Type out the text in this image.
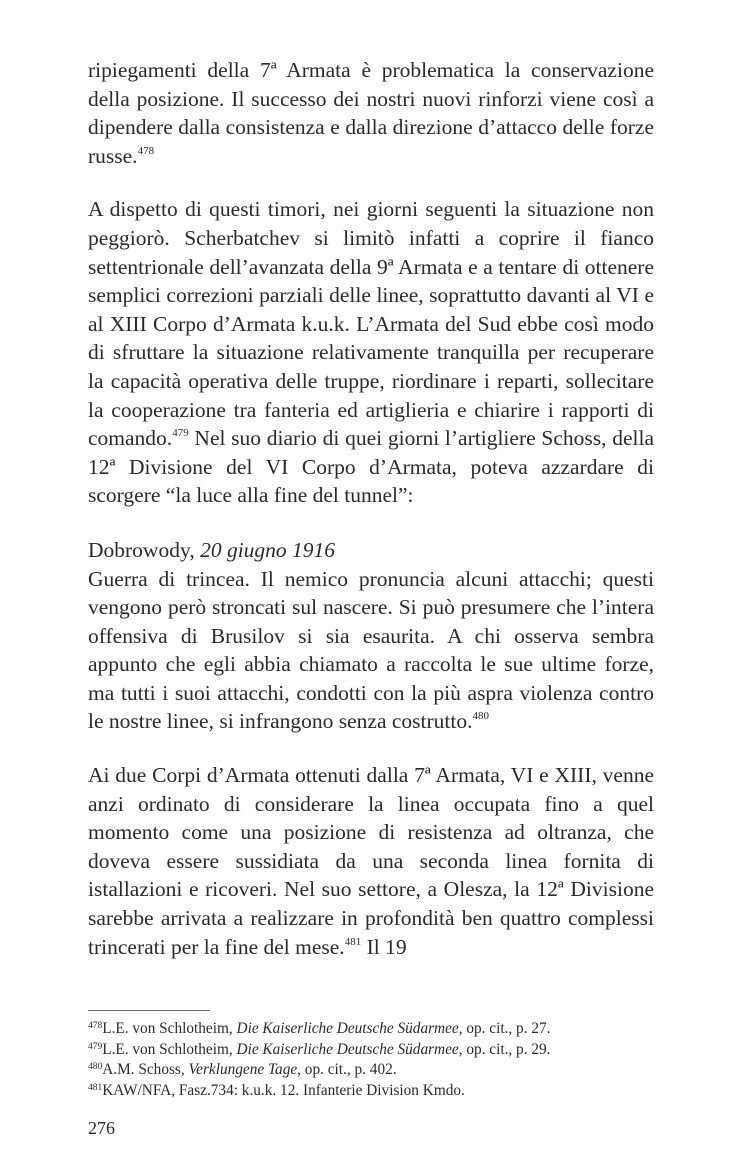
ripiegamenti della 7ª Armata è problematica la conservazione della posizione. Il successo dei nostri nuovi rinforzi viene così a dipendere dalla consistenza e dalla direzione d’attacco delle forze russe.$^{478}$

A dispetto di questi timori, nei giorni seguenti la situazione non peggiorò. Scherbatchev si limitò infatti a coprire il fianco settentrionale dell’avanzata della 9ª Armata e a tentare di ottenere semplici correzioni parziali delle linee, soprattutto davanti al VI e al XIII Corpo d’Armata k.u.k. L’Armata del Sud ebbe così modo di sfruttare la situazione relativamente tranquilla per recuperare la capacità operativa delle truppe, riordinare i reparti, sollecitare la cooperazione tra fanteria ed artiglieria e chiarire i rapporti di comando.$^{479}$ Nel suo diario di quei giorni l’artigliere Schoss, della 12ª Divisione del VI Corpo d’Armata, poteva azzardare di scorgere “la luce alla fine del tunnel”:

Dobrowody, 20 giugno 1916

Guerra di trincea. Il nemico pronuncia alcuni attacchi; questi vengono però stroncati sul nascere. Si può presumere che l’intera offensiva di Brusilov si sia esaurita. A chi osserva sembra appunto che egli abbia chiamato a raccolta le sue ultime forze, ma tutti i suoi attacchi, condotti con la più aspra violenza contro le nostre linee, si infrangono senza costrutto.$^{480}$

Ai due Corpi d’Armata ottenuti dalla 7ª Armata, VI e XIII, venne anzi ordinato di considerare la linea occupata fino a quel momento come una posizione di resistenza ad oltranza, che doveva essere sussidiata da una seconda linea fornita di istallazioni e ricoveri. Nel suo settore, a Olesza, la 12ª Divisione sarebbe arrivata a realizzare in profondità ben quattro complessi trincerati per la fine del mese.$^{481}$ Il 19

$^{478}$L.E. von Schlotheim, Die Kaiserliche Deutsche Südarmee, op. cit., p. 27.

$^{479}$L.E. von Schlotheim, Die Kaiserliche Deutsche Südarmee, op. cit., p. 29.

$^{480}$A.M. Schoss, Verklungene Tage, op. cit., p. 402.

$^{481}$KAW/NFA, Fasz.734: k.u.k. 12. Infanterie Division Kmdo.

276
